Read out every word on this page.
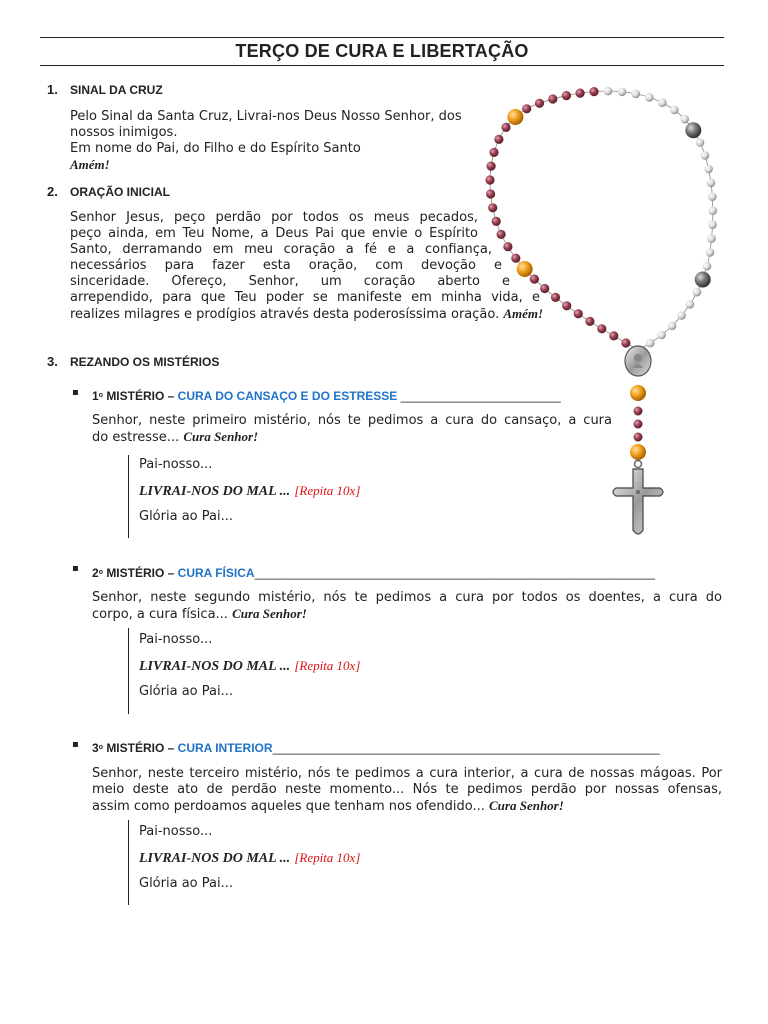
TERÇO DE CURA E LIBERTAÇÃO
1. SINAL DA CRUZ
Pelo Sinal da Santa Cruz, Livrai-nos Deus Nosso Senhor, dos
nossos inimigos.
Em nome do Pai, do Filho e do Espírito Santo
Amém!
2. ORAÇÃO INICIAL
Senhor Jesus, peço perdão por todos os meus pecados,
peço ainda, em Teu Nome, a Deus Pai que envie o Espírito
Santo, derramando em meu coração a fé e a confiança,
necessários para fazer esta oração, com devoção e
sinceridade. Ofereço, Senhor, um coração aberto e
arrependido, para que Teu poder se manifeste em minha vida, e
realizes milagres e prodígios através desta poderosíssima oração. Amém!
3. REZANDO OS MISTÉRIOS
▪ 1$^o$ MISTÉRIO – CURA DO CANSAÇO E DO ESTRESSE ________________________
Senhor, neste primeiro mistério, nós te pedimos a cura do cansaço, a cura
do estresse... Cura Senhor!
Pai-nosso...
LIVRAI-NOS DO MAL ... [Repita 10x]
Glória ao Pai...
▪ 2$^o$ MISTÉRIO – CURA FÍSICA____________________________________________________________
Senhor, neste segundo mistério, nós te pedimos a cura por todos os doentes, a cura do
corpo, a cura física... Cura Senhor!
Pai-nosso...
LIVRAI-NOS DO MAL ... [Repita 10x]
Glória ao Pai...
▪ 3$^o$ MISTÉRIO – CURA INTERIOR__________________________________________________________
Senhor, neste terceiro mistério, nós te pedimos a cura interior, a cura de nossas mágoas. Por
meio deste ato de perdão neste momento... Nós te pedimos perdão por nossas ofensas,
assim como perdoamos aqueles que tenham nos ofendido... Cura Senhor!
Pai-nosso...
LIVRAI-NOS DO MAL ... [Repita 10x]
Glória ao Pai...
